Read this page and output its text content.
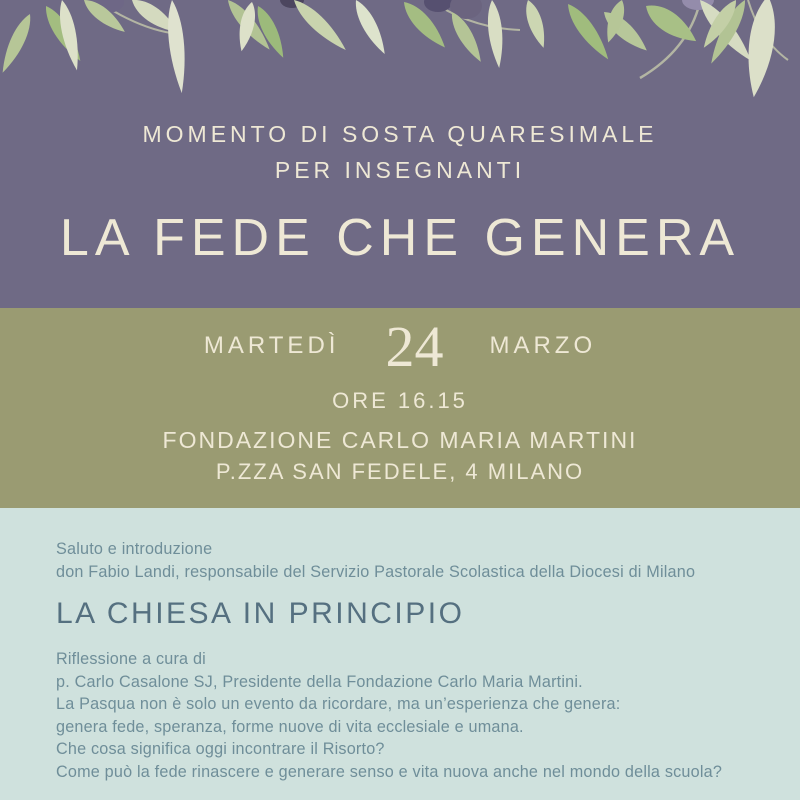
MOMENTO DI SOSTA QUARESIMALE
PER INSEGNANTI
LA FEDE CHE GENERA
MARTEDÌ 24 MARZO
ORE 16.15
FONDAZIONE CARLO MARIA MARTINI
P.ZZA SAN FEDELE, 4 MILANO

Saluto e introduzione

don Fabio Landi, responsabile del Servizio Pastorale Scolastica della Diocesi di Milano

LA CHIESA IN PRINCIPIO

Riflessione a cura di

p. Carlo Casalone SJ, Presidente della Fondazione Carlo Maria Martini.

La Pasqua non è solo un evento da ricordare, ma un’esperienza che genera:

genera fede, speranza, forme nuove di vita ecclesiale e umana.

Che cosa significa oggi incontrare il Risorto?

Come può la fede rinascere e generare senso e vita nuova anche nel mondo della scuola?
